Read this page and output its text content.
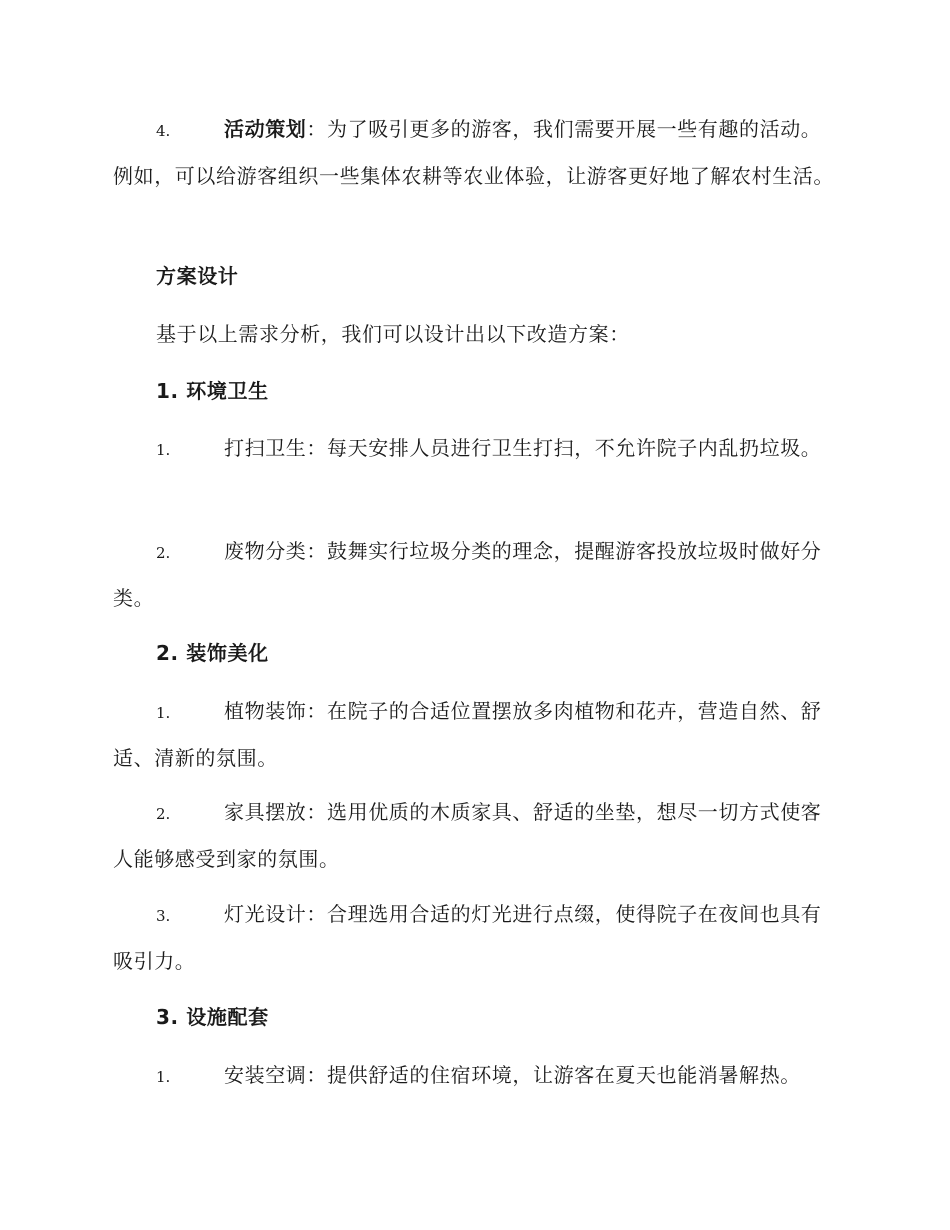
4.	活动策划：为了吸引更多的游客，我们需要开展一些有趣的活动。例如，可以给游客组织一些集体农耕等农业体验，让游客更好地了解农村生活。
方案设计
基于以上需求分析，我们可以设计出以下改造方案：
1. 环境卫生
1.	打扫卫生：每天安排人员进行卫生打扫，不允许院子内乱扔垃圾。
2.	废物分类：鼓舞实行垃圾分类的理念，提醒游客投放垃圾时做好分类。
2. 装饰美化
1.	植物装饰：在院子的合适位置摆放多肉植物和花卉，营造自然、舒适、清新的氛围。
2.	家具摆放：选用优质的木质家具、舒适的坐垫，想尽一切方式使客人能够感受到家的氛围。
3.	灯光设计：合理选用合适的灯光进行点缀，使得院子在夜间也具有吸引力。
3. 设施配套
1.	安装空调：提供舒适的住宿环境，让游客在夏天也能消暑解热。
